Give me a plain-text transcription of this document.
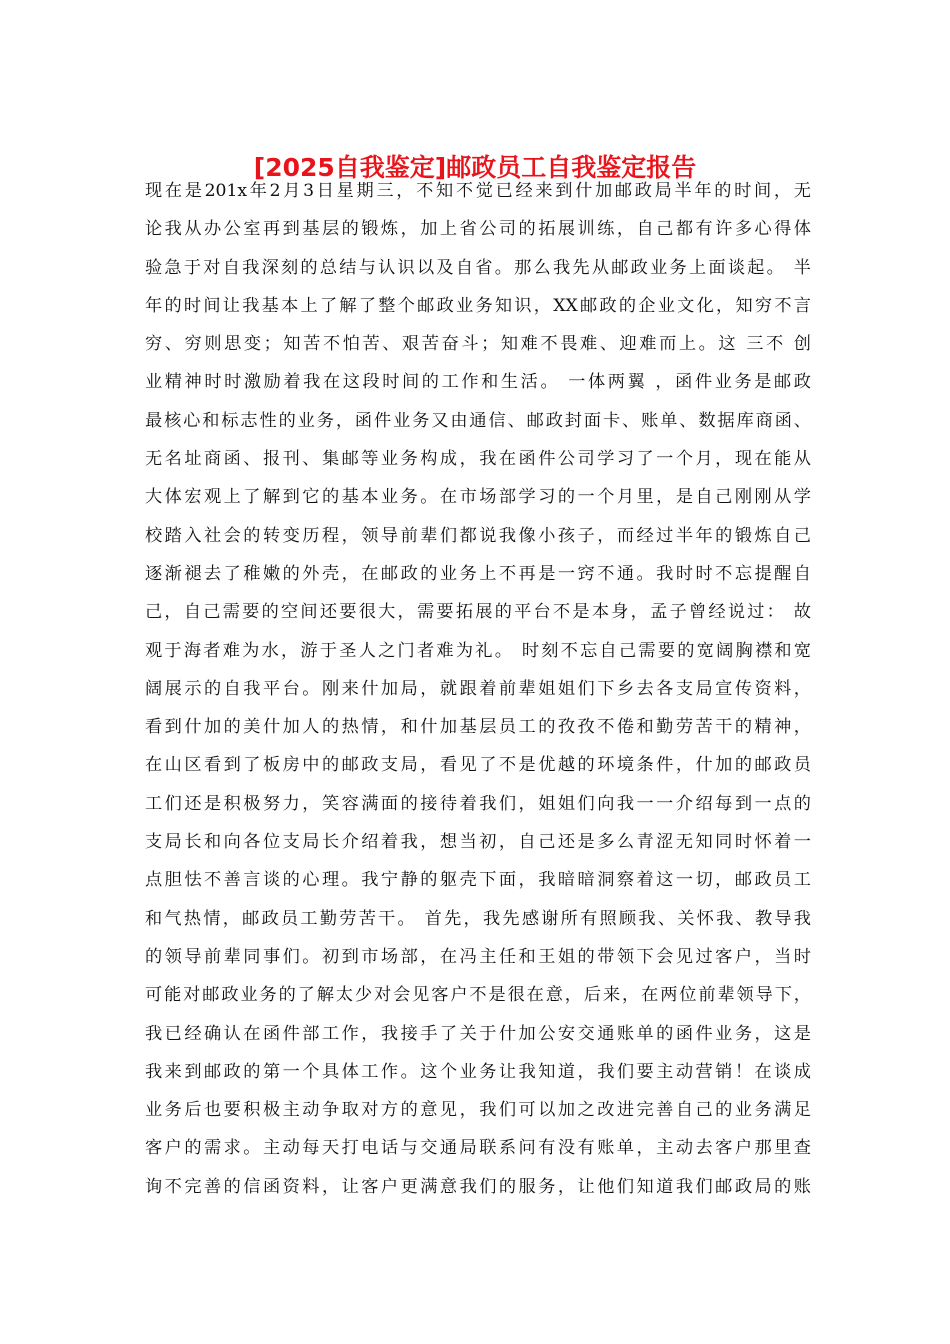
[2025自我鉴定]邮政员工自我鉴定报告
现在是201x年2月3日星期三，不知不觉已经来到什加邮政局半年的时间，无
论我从办公室再到基层的锻炼，加上省公司的拓展训练，自己都有许多心得体
验急于对自我深刻的总结与认识以及自省。那么我先从邮政业务上面谈起。 半
年的时间让我基本上了解了整个邮政业务知识，XX邮政的企业文化，知穷不言
穷、穷则思变；知苦不怕苦、艰苦奋斗；知难不畏难、迎难而上。这 三不 创
业精神时时激励着我在这段时间的工作和生活。 一体两翼 ，函件业务是邮政
最核心和标志性的业务，函件业务又由通信、邮政封面卡、账单、数据库商函、
无名址商函、报刊、集邮等业务构成，我在函件公司学习了一个月，现在能从
大体宏观上了解到它的基本业务。在市场部学习的一个月里，是自己刚刚从学
校踏入社会的转变历程，领导前辈们都说我像小孩子，而经过半年的锻炼自己
逐渐褪去了稚嫩的外壳，在邮政的业务上不再是一窍不通。我时时不忘提醒自
己，自己需要的空间还要很大，需要拓展的平台不是本身，孟子曾经说过： 故
观于海者难为水，游于圣人之门者难为礼。 时刻不忘自己需要的宽阔胸襟和宽
阔展示的自我平台。刚来什加局，就跟着前辈姐姐们下乡去各支局宣传资料，
看到什加的美什加人的热情，和什加基层员工的孜孜不倦和勤劳苦干的精神，
在山区看到了板房中的邮政支局，看见了不是优越的环境条件，什加的邮政员
工们还是积极努力，笑容满面的接待着我们，姐姐们向我一一介绍每到一点的
支局长和向各位支局长介绍着我，想当初，自己还是多么青涩无知同时怀着一
点胆怯不善言谈的心理。我宁静的躯壳下面，我暗暗洞察着这一切，邮政员工
和气热情，邮政员工勤劳苦干。 首先，我先感谢所有照顾我、关怀我、教导我
的领导前辈同事们。初到市场部，在冯主任和王姐的带领下会见过客户，当时
可能对邮政业务的了解太少对会见客户不是很在意，后来，在两位前辈领导下，
我已经确认在函件部工作，我接手了关于什加公安交通账单的函件业务，这是
我来到邮政的第一个具体工作。这个业务让我知道，我们要主动营销！在谈成
业务后也要积极主动争取对方的意见，我们可以加之改进完善自己的业务满足
客户的需求。主动每天打电话与交通局联系问有没有账单，主动去客户那里查
询不完善的信函资料，让客户更满意我们的服务，让他们知道我们邮政局的账
